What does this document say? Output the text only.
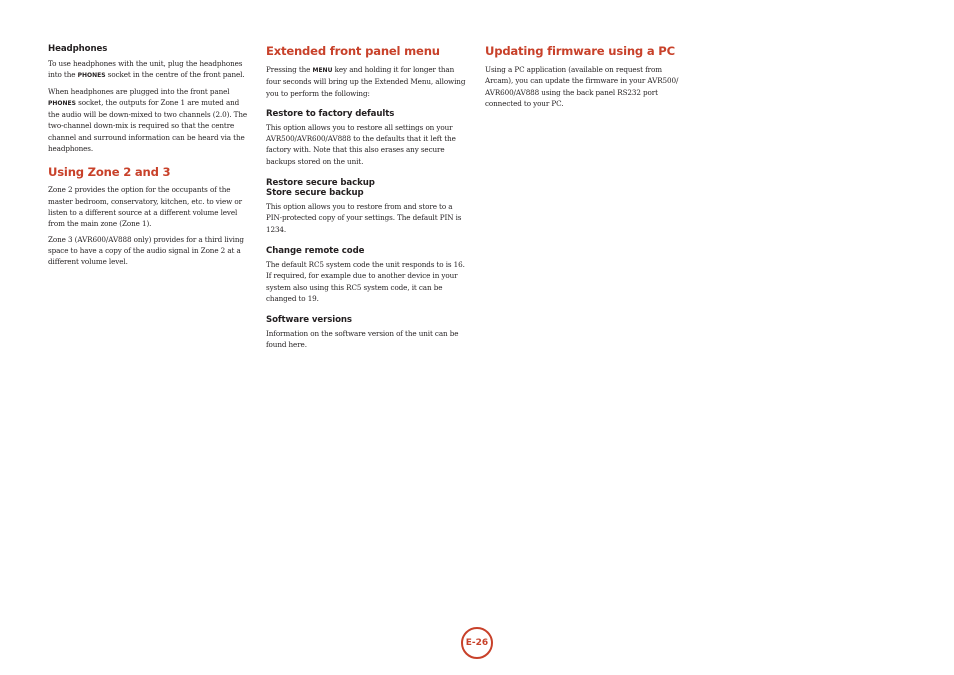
Headphones

To use headphones with the unit, plug the headphones into the PHONES socket in the centre of the front panel.

When headphones are plugged into the front panel PHONES socket, the outputs for Zone 1 are muted and the audio will be down-mixed to two channels (2.0). The two-channel down-mix is required so that the centre channel and surround information can be heard via the headphones.

Using Zone 2 and 3

Zone 2 provides the option for the occupants of the master bedroom, conservatory, kitchen, etc. to view or listen to a different source at a different volume level from the main zone (Zone 1).

Zone 3 (AVR600/AV888 only) provides for a third living space to have a copy of the audio signal in Zone 2 at a different volume level.

Extended front panel menu

Pressing the MENU key and holding it for longer than four seconds will bring up the Extended Menu, allowing you to perform the following:

Restore to factory defaults

This option allows you to restore all settings on your AVR500/AVR600/AV888 to the defaults that it left the factory with. Note that this also erases any secure backups stored on the unit.

Restore secure backup
Store secure backup

This option allows you to restore from and store to a PIN-protected copy of your settings. The default PIN is 1234.

Change remote code

The default RC5 system code the unit responds to is 16. If required, for example due to another device in your system also using this RC5 system code, it can be changed to 19.

Software versions

Information on the software version of the unit can be found here.

Updating firmware using a PC

Using a PC application (available on request from Arcam), you can update the firmware in your AVR500/ AVR600/AV888 using the back panel RS232 port connected to your PC.

E-26
